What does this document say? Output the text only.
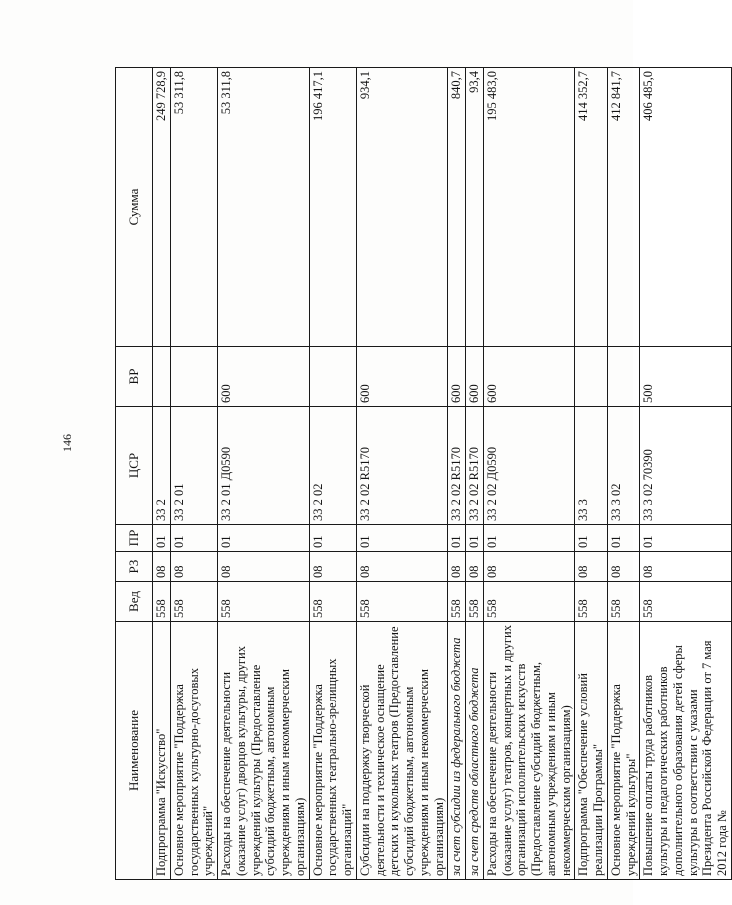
146
Наименование	Вед	РЗ	ПР	ЦСР	ВР	Сумма
Подпрограмма "Искусство"	558	08	01	33 2		249 728,9
Основное мероприятие "Поддержка государственных культурно-досуговых учреждений"	558	08	01	33 2 01		53 311,8
Расходы на обеспечение деятельности (оказание услуг) дворцов культуры, других учреждений культуры (Предоставление субсидий бюджетным, автономным учреждениям и иным некоммерческим организациям)	558	08	01	33 2 01 Д0590	600	53 311,8
Основное мероприятие "Поддержка государственных театрально-зрелищных организаций"	558	08	01	33 2 02		196 417,1
Субсидии на поддержку творческой деятельности и техническое оснащение детских и кукольных театров (Предоставление субсидий бюджетным, автономным учреждениям и иным некоммерческим организациям)	558	08	01	33 2 02 R5170	600	934,1
за счет субсидии из федерального бюджета	558	08	01	33 2 02 R5170	600	840,7
за счет средств областного бюджета	558	08	01	33 2 02 R5170	600	93,4
Расходы на обеспечение деятельности (оказание услуг) театров, концертных и других организаций исполнительских искусств (Предоставление субсидий бюджетным, автономным учреждениям и иным некоммерческим организациям)	558	08	01	33 2 02 Д0590	600	195 483,0
Подпрограмма "Обеспечение условий реализации Программы"	558	08	01	33 3		414 352,7
Основное мероприятие "Поддержка учреждений культуры"	558	08	01	33 3 02		412 841,7
Повышение оплаты труда работников культуры и педагогических работников дополнительного образования детей сферы культуры в соответствии с указами Президента Российской Федерации от 7 мая 2012 года №	558	08	01	33 3 02 70390	500	406 485,0
